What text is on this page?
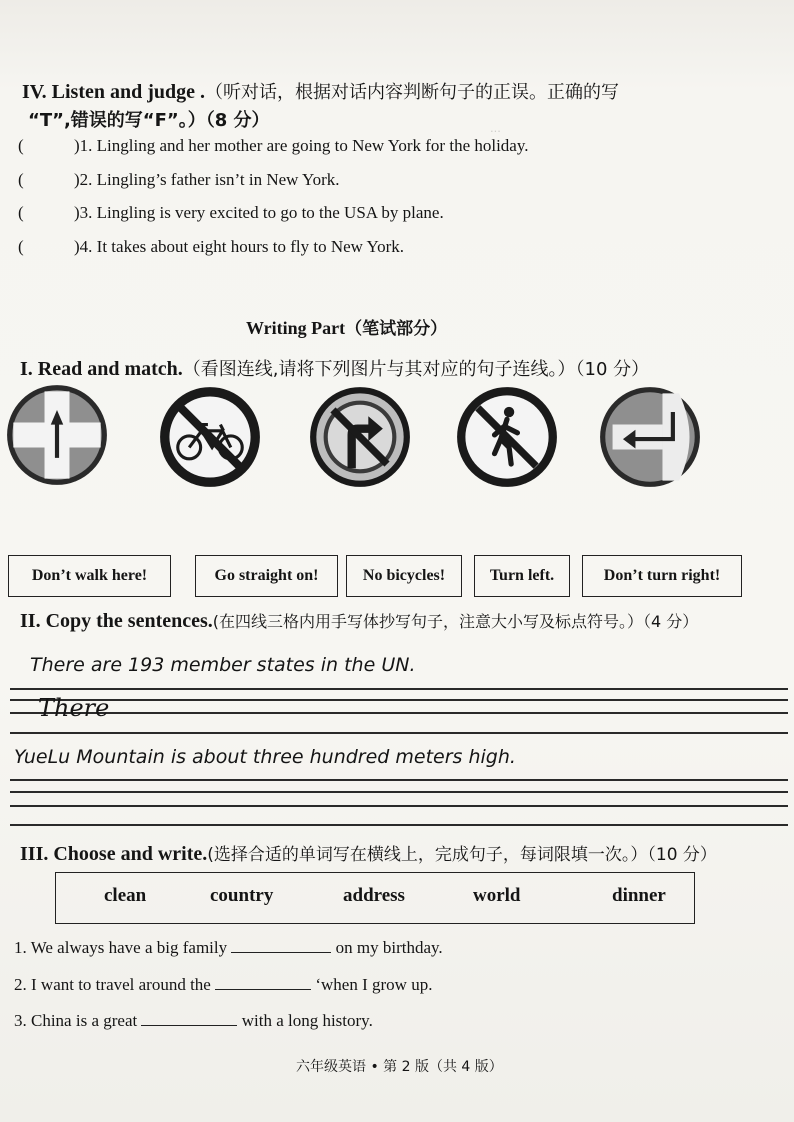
...
IV. Listen and judge .（听对话，根据对话内容判断句子的正误。正确的写
“T”,错误的写“F”。）（8 分）
(	)1. Lingling and her mother are going to New York for the holiday.
(	)2. Lingling’s father isn’t in New York.
(	)3. Lingling is very excited to go to the USA by plane.
(	)4. It takes about eight hours to fly to New York.
Writing Part（笔试部分）
I. Read and match.（看图连线,请将下列图片与其对应的句子连线。）（10 分）
Don’t walk here!	Go straight on!	No bicycles!	Turn left.	Don’t turn right!
II. Copy the sentences.(在四线三格内用手写体抄写句子，注意大小写及标点符号。）（4 分）
There are 193 member states in the UN.
There
YueLu Mountain is about three hundred meters high.
III. Choose and write.(选择合适的单词写在横线上，完成句子，每词限填一次。）（10 分）
clean	country	address	world	dinner
1. We always have a big family	on my birthday.
2. I want to travel around the	‘when I grow up.
3. China is a great	with a long history.
六年级英语 • 第 2 版（共 4 版）
